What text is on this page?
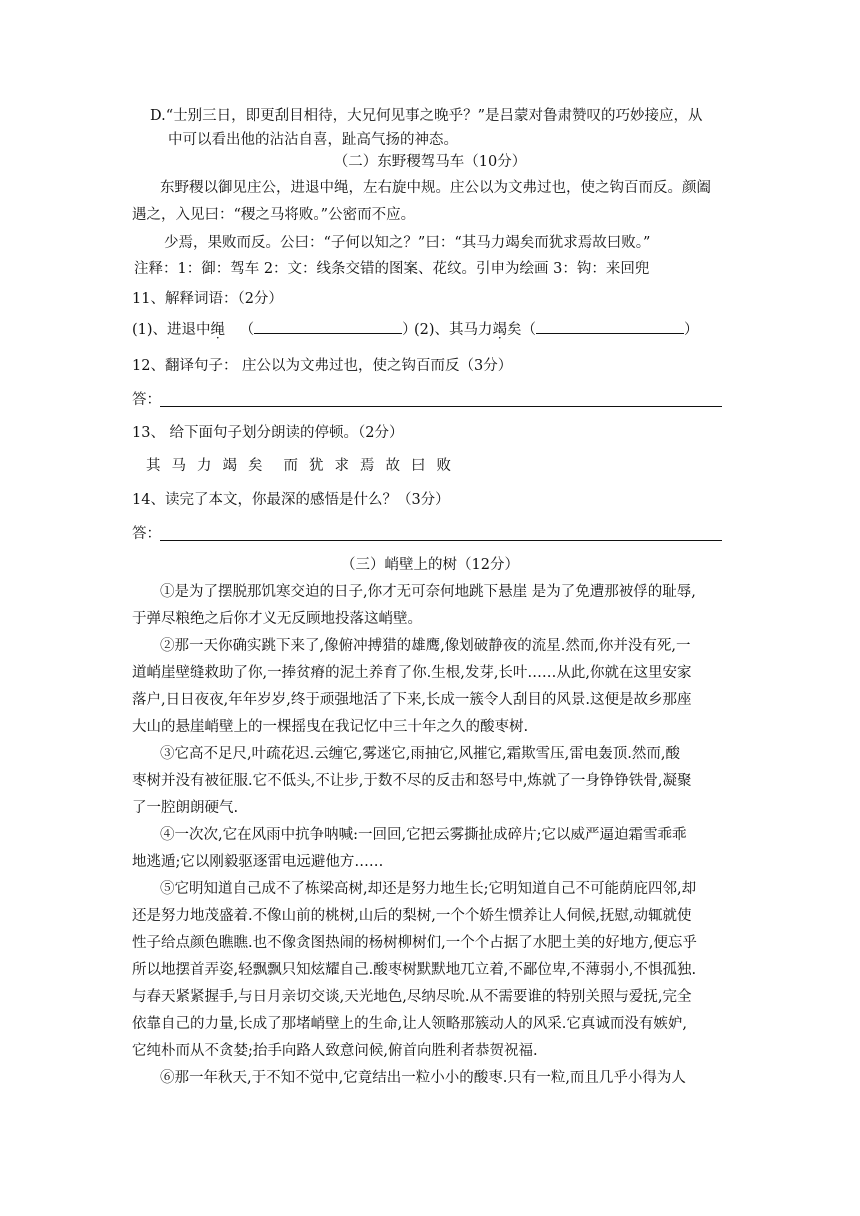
D.“士别三日，即更刮目相待，大兄何见事之晚乎？”是吕蒙对鲁肃赞叹的巧妙接应，从
中可以看出他的沾沾自喜，趾高气扬的神态。
（二）东野稷驾马车（10分）
东野稷以御见庄公，进退中绳，左右旋中规。庄公以为文弗过也，使之钩百而反。颜阖
遇之，入见曰：“稷之马将败。”公密而不应。
少焉，果败而反。公曰：“子何以知之？”曰：“其马力竭矣而犹求焉故曰败。”
注释：1：御：驾车 2：文：线条交错的图案、花纹。引申为绘画 3：钩：来回兜
11、解释词语：（2分）
(1)、进退中绳 （	）
(2)、其马力竭矣（	）
12、翻译句子： 庄公以为文弗过也，使之钩百而反（3分）
答：
13、 给下面句子划分朗读的停顿。（2分）
其 马 力 竭 矣 而 犹 求 焉 故 曰 败
14、读完了本文，你最深的感悟是什么？（3分）
答：
（三）峭壁上的树（12分）
①是为了摆脱那饥寒交迫的日子,你才无可奈何地跳下悬崖 是为了免遭那被俘的耻辱,
于弹尽粮绝之后你才义无反顾地投落这峭壁。
②那一天你确实跳下来了,像俯冲搏猎的雄鹰,像划破静夜的流星.然而,你并没有死,一
道峭崖壁缝救助了你,一捧贫瘠的泥土养育了你.生根,发芽,长叶……从此,你就在这里安家
落户,日日夜夜,年年岁岁,终于顽强地活了下来,长成一簇令人刮目的风景.这便是故乡那座
大山的悬崖峭壁上的一棵摇曳在我记忆中三十年之久的酸枣树.
③它高不足尺,叶疏花迟.云缠它,雾迷它,雨抽它,风摧它,霜欺雪压,雷电轰顶.然而,酸
枣树并没有被征服.它不低头,不让步,于数不尽的反击和怒号中,炼就了一身铮铮铁骨,凝聚
了一腔朗朗硬气.
④一次次,它在风雨中抗争呐喊:一回回,它把云雾撕扯成碎片;它以威严逼迫霜雪乖乖
地逃遁;它以刚毅驱逐雷电远避他方……
⑤它明知道自己成不了栋梁高树,却还是努力地生长;它明知道自己不可能荫庇四邻,却
还是努力地茂盛着.不像山前的桃树,山后的梨树,一个个娇生惯养让人伺候,抚慰,动辄就使
性子给点颜色瞧瞧.也不像贪图热闹的杨树柳树们,一个个占据了水肥土美的好地方,便忘乎
所以地摆首弄姿,轻飘飘只知炫耀自己.酸枣树默默地兀立着,不鄙位卑,不薄弱小,不惧孤独.
与春天紧紧握手,与日月亲切交谈,天光地色,尽纳尽吮.从不需要谁的特别关照与爱抚,完全
依靠自己的力量,长成了那堵峭壁上的生命,让人领略那簇动人的风采.它真诚而没有嫉妒,
它纯朴而从不贪婪;抬手向路人致意问候,俯首向胜利者恭贺祝福.
⑥那一年秋天,于不知不觉中,它竟结出一粒小小的酸枣.只有一粒,而且几乎小得为人
